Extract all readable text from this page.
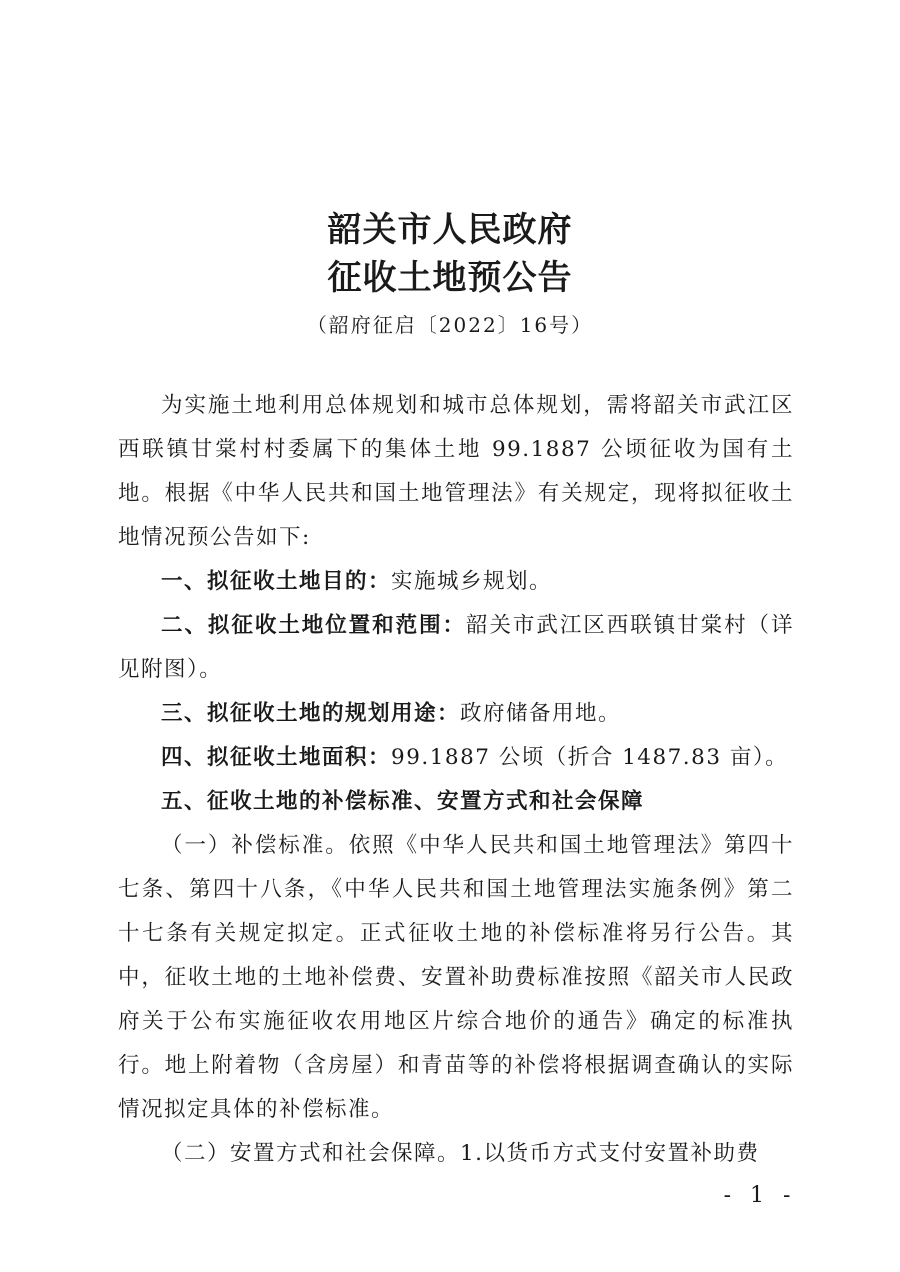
韶关市人民政府
征收土地预公告
（韶府征启〔2022〕16号）

为实施土地利用总体规划和城市总体规划，需将韶关市武江区西联镇甘棠村村委属下的集体土地 99.1887 公顷征收为国有土地。根据《中华人民共和国土地管理法》有关规定，现将拟征收土地情况预公告如下:

一、拟征收土地目的：实施城乡规划。

二、拟征收土地位置和范围：韶关市武江区西联镇甘棠村（详见附图）。

三、拟征收土地的规划用途：政府储备用地。

四、拟征收土地面积：99.1887 公顷（折合 1487.83 亩）。

五、征收土地的补偿标准、安置方式和社会保障

（一）补偿标准。依照《中华人民共和国土地管理法》第四十七条、第四十八条，《中华人民共和国土地管理法实施条例》第二十七条有关规定拟定。正式征收土地的补偿标准将另行公告。其中，征收土地的土地补偿费、安置补助费标准按照《韶关市人民政府关于公布实施征收农用地区片综合地价的通告》确定的标准执行。地上附着物（含房屋）和青苗等的补偿将根据调查确认的实际情况拟定具体的补偿标准。

（二）安置方式和社会保障。1.以货币方式支付安置补助费

- 1 -
